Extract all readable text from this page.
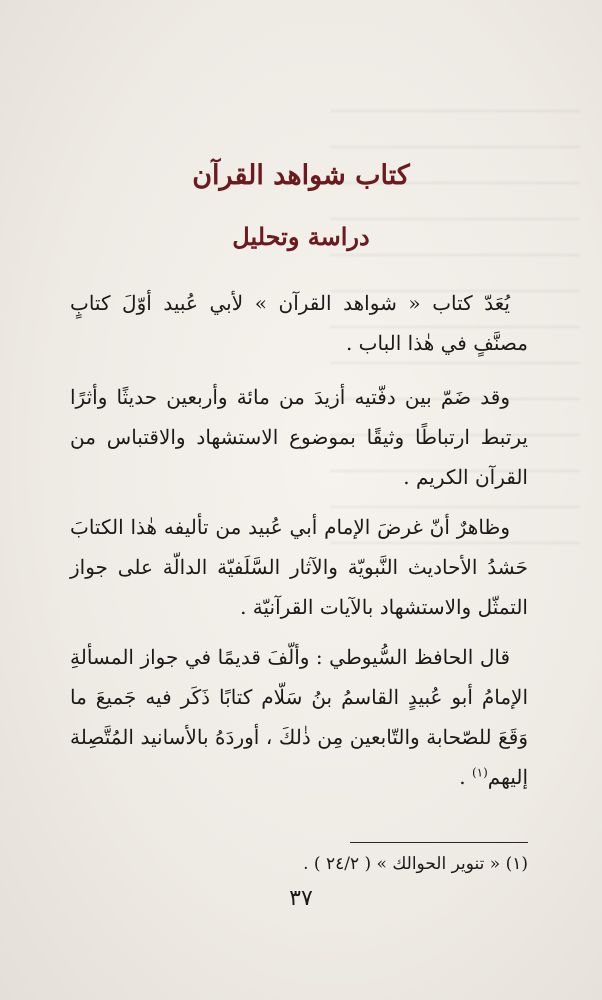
كتاب شواهد القرآن
دراسة وتحليل

يُعَدّ كتاب « شواهد القرآن » لأبي عُبيد أوّلَ كتابٍ مصنَّفٍ في هٰذا الباب .

وقد ضَمّ بين دفّتيه أزيدَ من مائة وأربعين حديثًا وأثرًا يرتبط ارتباطًا وثيقًا بموضوع الاستشهاد والاقتباس من القرآن الكريم .

وظاهرٌ أنّ غرضَ الإمام أبي عُبيد من تأليفه هٰذا الكتابَ حَشدُ الأحاديث النَّبويّة والآثار السَّلَفيّة الدالّة على جواز التمثّل والاستشهاد بالآيات القرآنيّة .

قال الحافظ السُّيوطي : وألّفَ قديمًا في جواز المسألةِ الإمامُ أبو عُبيدٍ القاسمُ بنُ سَلّام كتابًا ذَكَر فيه جَميعَ ما وَقَعَ للصّحابة والتّابعين مِن ذٰلكَ ، أوردَهُ بالأسانيد المُتَّصِلة إليهم$^{(١)}$ .

(١) « تنوير الحوالك » ( ٢٤/٢ ) .

٣٧
